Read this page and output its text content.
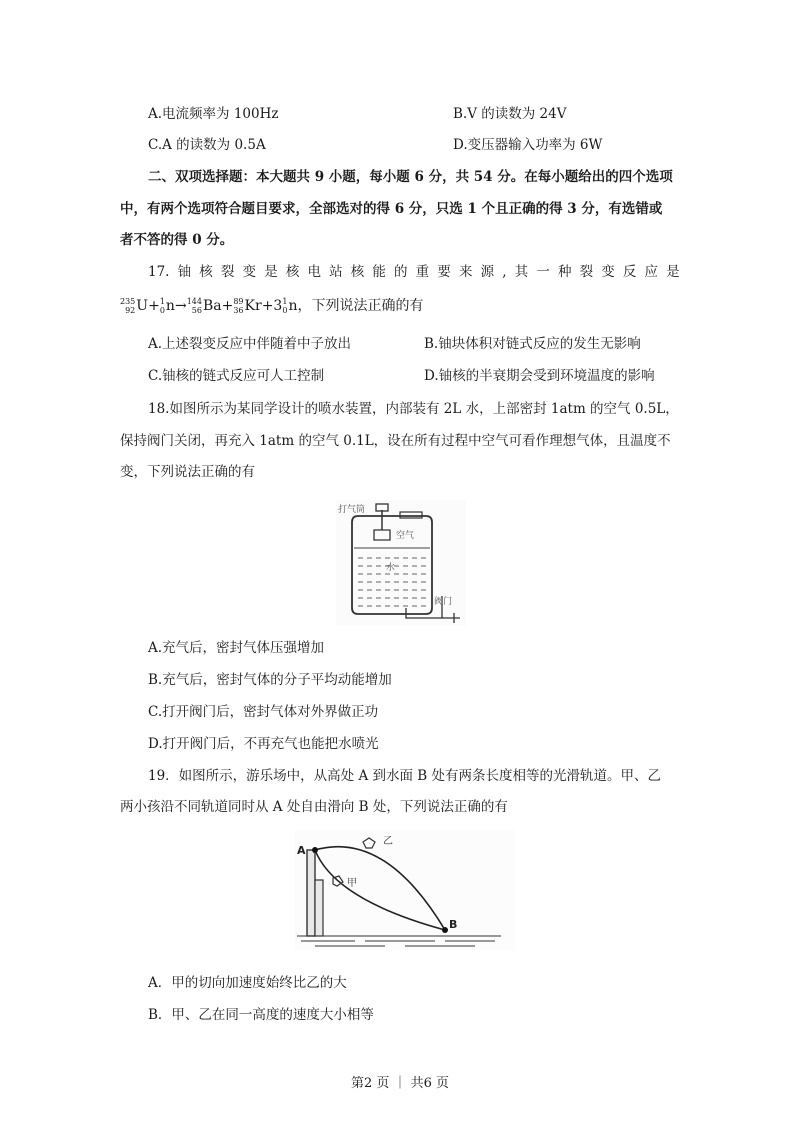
A.电流频率为 100Hz	B.V 的读数为 24V
C.A 的读数为 0.5A	D.变压器输入功率为 6W
二、双项选择题：本大题共 9 小题，每小题 6 分，共 54 分。在每小题给出的四个选项
中，有两个选项符合题目要求，全部选对的得 6 分，只选 1 个且正确的得 3 分，有选错或
者不答的得 0 分。
17. 铀 核 裂 变 是 核 电 站 核 能 的 重 要 来 源 , 其 一 种 裂 变 反 应 是
235
92 U+ 1
0 n→ 144
56 Ba+ 89
36 Kr+3 1
0 n，下列说法正确的有
A.上述裂变反应中伴随着中子放出	B.铀块体积对链式反应的发生无影响
C.铀核的链式反应可人工控制	D.铀核的半衰期会受到环境温度的影响
18.如图所示为某同学设计的喷水装置，内部装有 2L 水，上部密封 1atm 的空气 0.5L，
保持阀门关闭，再充入 1atm 的空气 0.1L，设在所有过程中空气可看作理想气体，且温度不
变，下列说法正确的有
打气筒
空气
水
阀门
A.充气后，密封气体压强增加
B.充气后，密封气体的分子平均动能增加
C.打开阀门后，密封气体对外界做正功
D.打开阀门后，不再充气也能把水喷光
19．如图所示，游乐场中，从高处 A 到水面 B 处有两条长度相等的光滑轨道。甲、乙
两小孩沿不同轨道同时从 A 处自由滑向 B 处，下列说法正确的有
A
B
乙
甲
A．甲的切向加速度始终比乙的大
B．甲、乙在同一高度的速度大小相等
第2 页 ｜ 共6 页
